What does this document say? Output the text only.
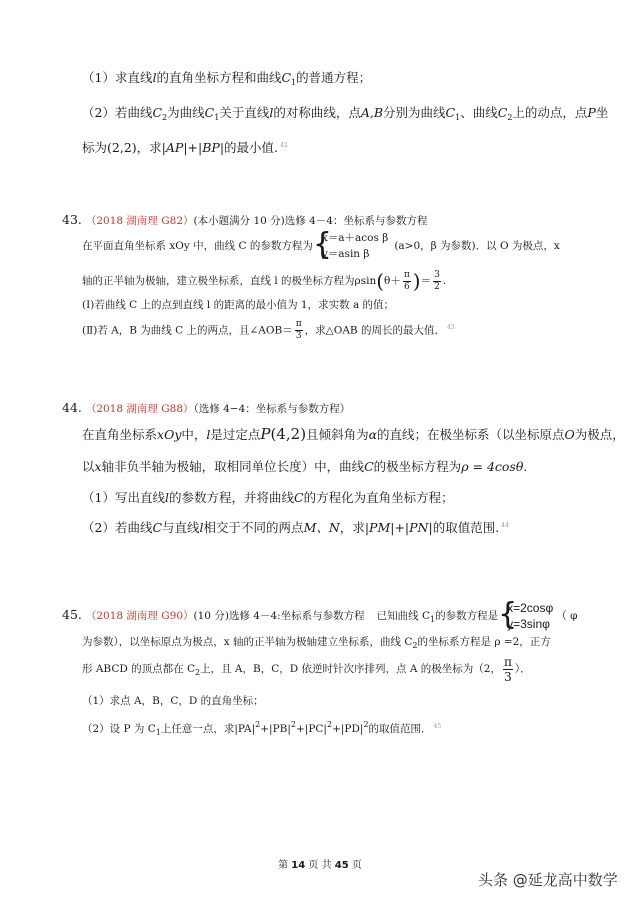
（1）求直线l的直角坐标方程和曲线$C_1$的普通方程；
（2）若曲线$C_2$为曲线$C_1$关于直线l的对称曲线，点A,B分别为曲线$C_1$、曲线$C_2$上的动点，点P坐
标为(2,2)，求|AP|+|BP|的最小值. $^{42}$
43. （2018 湖南理 G82）(本小题满分 10 分)选修 4－4：坐标系与参数方程
在平面直角坐标系 xOy 中，曲线 C 的参数方程为 {
x＝a＋acos β
y＝asin β
(a>0，β 为参数)．以 O 为极点，x
轴的正半轴为极轴，建立极坐标系，直线 l 的极坐标方程为$\rho\sin(\theta+ \frac{\pi}{6}$ )＝ $\frac{3}{2}$ .
(Ⅰ)若曲线 C 上的点到直线 l 的距离的最小值为 1，求实数 a 的值；
(Ⅱ)若 A，B 为曲线 C 上的两点，且∠AOB＝ $\frac{\pi}{3}$ ，求△OAB 的周长的最大值． $^{43}$
44. （2018 湖南理 G88）（选修 4−4：坐标系与参数方程）
在直角坐标系xOy中，l是过定点P(4,2)且倾斜角为α的直线；在极坐标系（以坐标原点O为极点，
以x轴非负半轴为极轴，取相同单位长度）中，曲线C的极坐标方程为ρ = 4cosθ.
（1）写出直线l的参数方程，并将曲线C的方程化为直角坐标方程；
（2）若曲线C与直线l相交于不同的两点M、N，求|PM|+|PN|的取值范围. $^{44}$
45. （2018 湖南理 G90）(10 分)选修 4－4:坐标系与参数方程 已知曲线 $C_1$的参数方程是 {
x=2cosφ
y=3sinφ
（ φ
为参数），以坐标原点为极点，x 轴的正半轴为极轴建立坐标系，曲线 $C_2$的坐标系方程是 ρ =2，正方
形 ABCD 的顶点都在 $C_2$上，且 A，B，C，D 依逆时针次序排列，点 A 的极坐标为（2， $\frac{\pi}{3}$ ）．
（1）求点 A，B，C，D 的直角坐标；
（2）设 P 为 $C_1$上任意一点，求$|PA|^2+|PB|^2+|PC|^2+|PD|^2$的取值范围． $^{45}$
第 14 页 共 45 页
头条 @延龙高中数学
